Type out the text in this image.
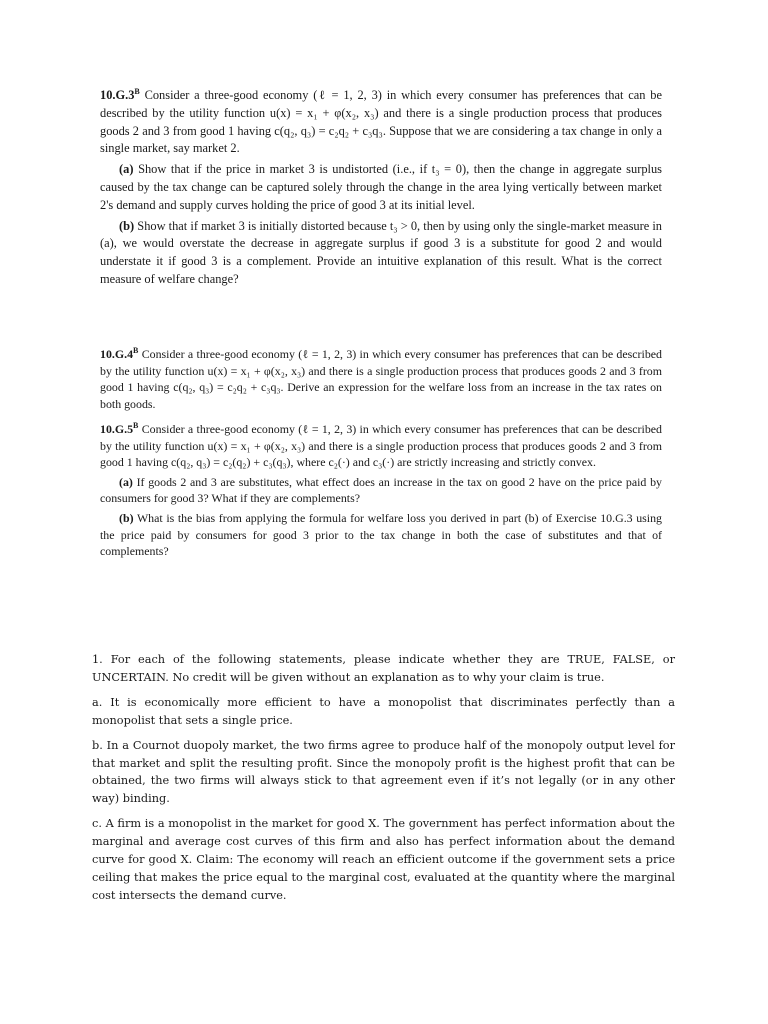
$10.G.3^B$ Consider a three-good economy (ℓ = 1, 2, 3) in which every consumer has preferences that can be described by the utility function u(x) = x₁ + φ(x₂, x₃) and there is a single production process that produces goods 2 and 3 from good 1 having c(q₂, q₃) = c₂q₂ + c₃q₃. Suppose that we are considering a tax change in only a single market, say market 2.

(a) Show that if the price in market 3 is undistorted (i.e., if t₃ = 0), then the change in aggregate surplus caused by the tax change can be captured solely through the change in the area lying vertically between market 2's demand and supply curves holding the price of good 3 at its initial level.

(b) Show that if market 3 is initially distorted because t₃ > 0, then by using only the single-market measure in (a), we would overstate the decrease in aggregate surplus if good 3 is a substitute for good 2 and would understate it if good 3 is a complement. Provide an intuitive explanation of this result. What is the correct measure of welfare change?

$10.G.4^B$ Consider a three-good economy (ℓ = 1, 2, 3) in which every consumer has preferences that can be described by the utility function u(x) = x₁ + φ(x₂, x₃) and there is a single production process that produces goods 2 and 3 from good 1 having c(q₂, q₃) = c₂q₂ + c₃q₃. Derive an expression for the welfare loss from an increase in the tax rates on both goods.

$10.G.5^B$ Consider a three-good economy (ℓ = 1, 2, 3) in which every consumer has preferences that can be described by the utility function u(x) = x₁ + φ(x₂, x₃) and there is a single production process that produces goods 2 and 3 from good 1 having c(q₂, q₃) = c₂(q₂) + c₃(q₃), where c₂(·) and c₃(·) are strictly increasing and strictly convex.

(a) If goods 2 and 3 are substitutes, what effect does an increase in the tax on good 2 have on the price paid by consumers for good 3? What if they are complements?

(b) What is the bias from applying the formula for welfare loss you derived in part (b) of Exercise 10.G.3 using the price paid by consumers for good 3 prior to the tax change in both the case of substitutes and that of complements?

1. For each of the following statements, please indicate whether they are TRUE, FALSE, or UNCERTAIN. No credit will be given without an explanation as to why your claim is true.

a. It is economically more efficient to have a monopolist that discriminates perfectly than a monopolist that sets a single price.

b. In a Cournot duopoly market, the two firms agree to produce half of the monopoly output level for that market and split the resulting profit. Since the monopoly profit is the highest profit that can be obtained, the two firms will always stick to that agreement even if it’s not legally (or in any other way) binding.

c. A firm is a monopolist in the market for good X. The government has perfect information about the marginal and average cost curves of this firm and also has perfect information about the demand curve for good X. Claim: The economy will reach an efficient outcome if the government sets a price ceiling that makes the price equal to the marginal cost, evaluated at the quantity where the marginal cost intersects the demand curve.
